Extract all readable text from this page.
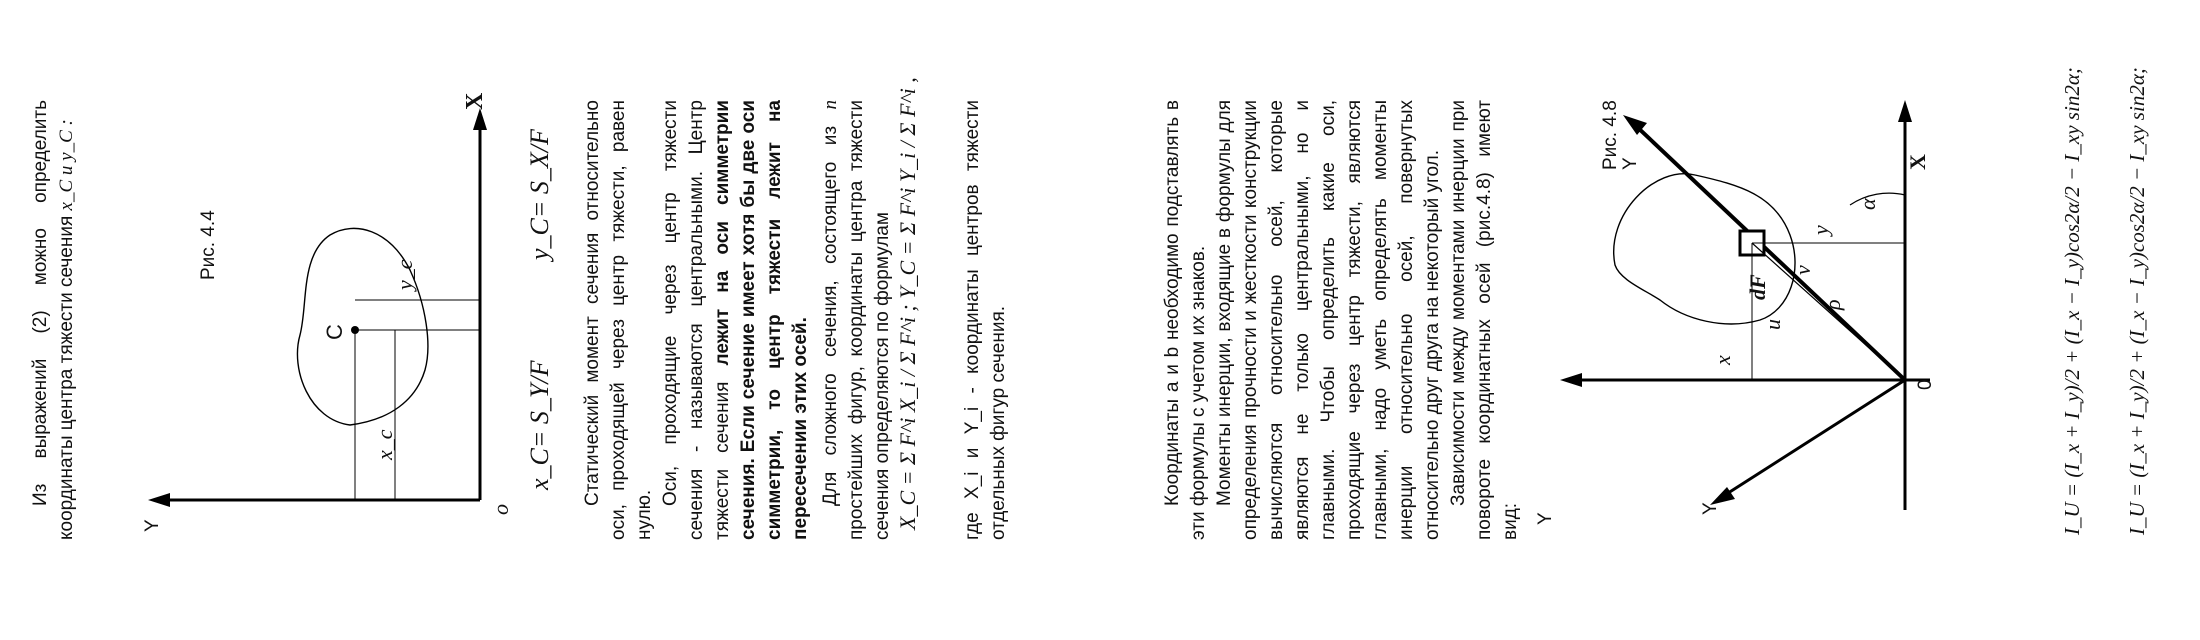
Из выражений (2) можно определить координаты центра тяжести сечения x_C и y_C :

Y
X
o
C
x_c
y_c
Рис. 4.4
x_C= S_Y/F
y_C= S_X/F Статический момент сечения относительно оси, проходящей через центр тяжести, равен нулю.

Оси, проходящие через центр тяжести сечения - называются центральными. Центр тяжести сечения лежит на оси симметрии сечения. Если сечение имеет хотя бы две оси симметрии, то центр тяжести лежит на пересечении этих осей. Для сложного сечения, состоящего из n простейших фигур, координаты центра тяжести сечения определяются по формулам X_C = Σ F^i X_i / Σ F^i ; Y_C = Σ F^i Y_i / Σ F^i , где X_i и Y_i - координаты центров тяжести отдельных фигур сечения.	Координаты a и b необходимо подставлять в эти формулы с учетом их знаков. Моменты инерции, входящие в формулы для определения прочности и жесткости конструкции вычисляются относительно осей, которые являются не только центральными, но и главными. Чтобы определить какие оси, проходящие через центр тяжести, являются главными, надо уметь определять моменты инерции относительно осей, повернутых относительно друг друга на некоторый угол. Зависимости между моментами инерции при повороте координатных осей (рис.4.8) имеют вид:

Рис. 4.8
dF
X
Y
Y
Y
0
α
ρ
x
y
u
v	I_U = (I_x + I_y)/2 + (I_x − I_y)cos2α/2 − I_xy sin2α; I_U = (I_x + I_y)/2 + (I_x − I_y)cos2α/2 − I_xy sin2α;
